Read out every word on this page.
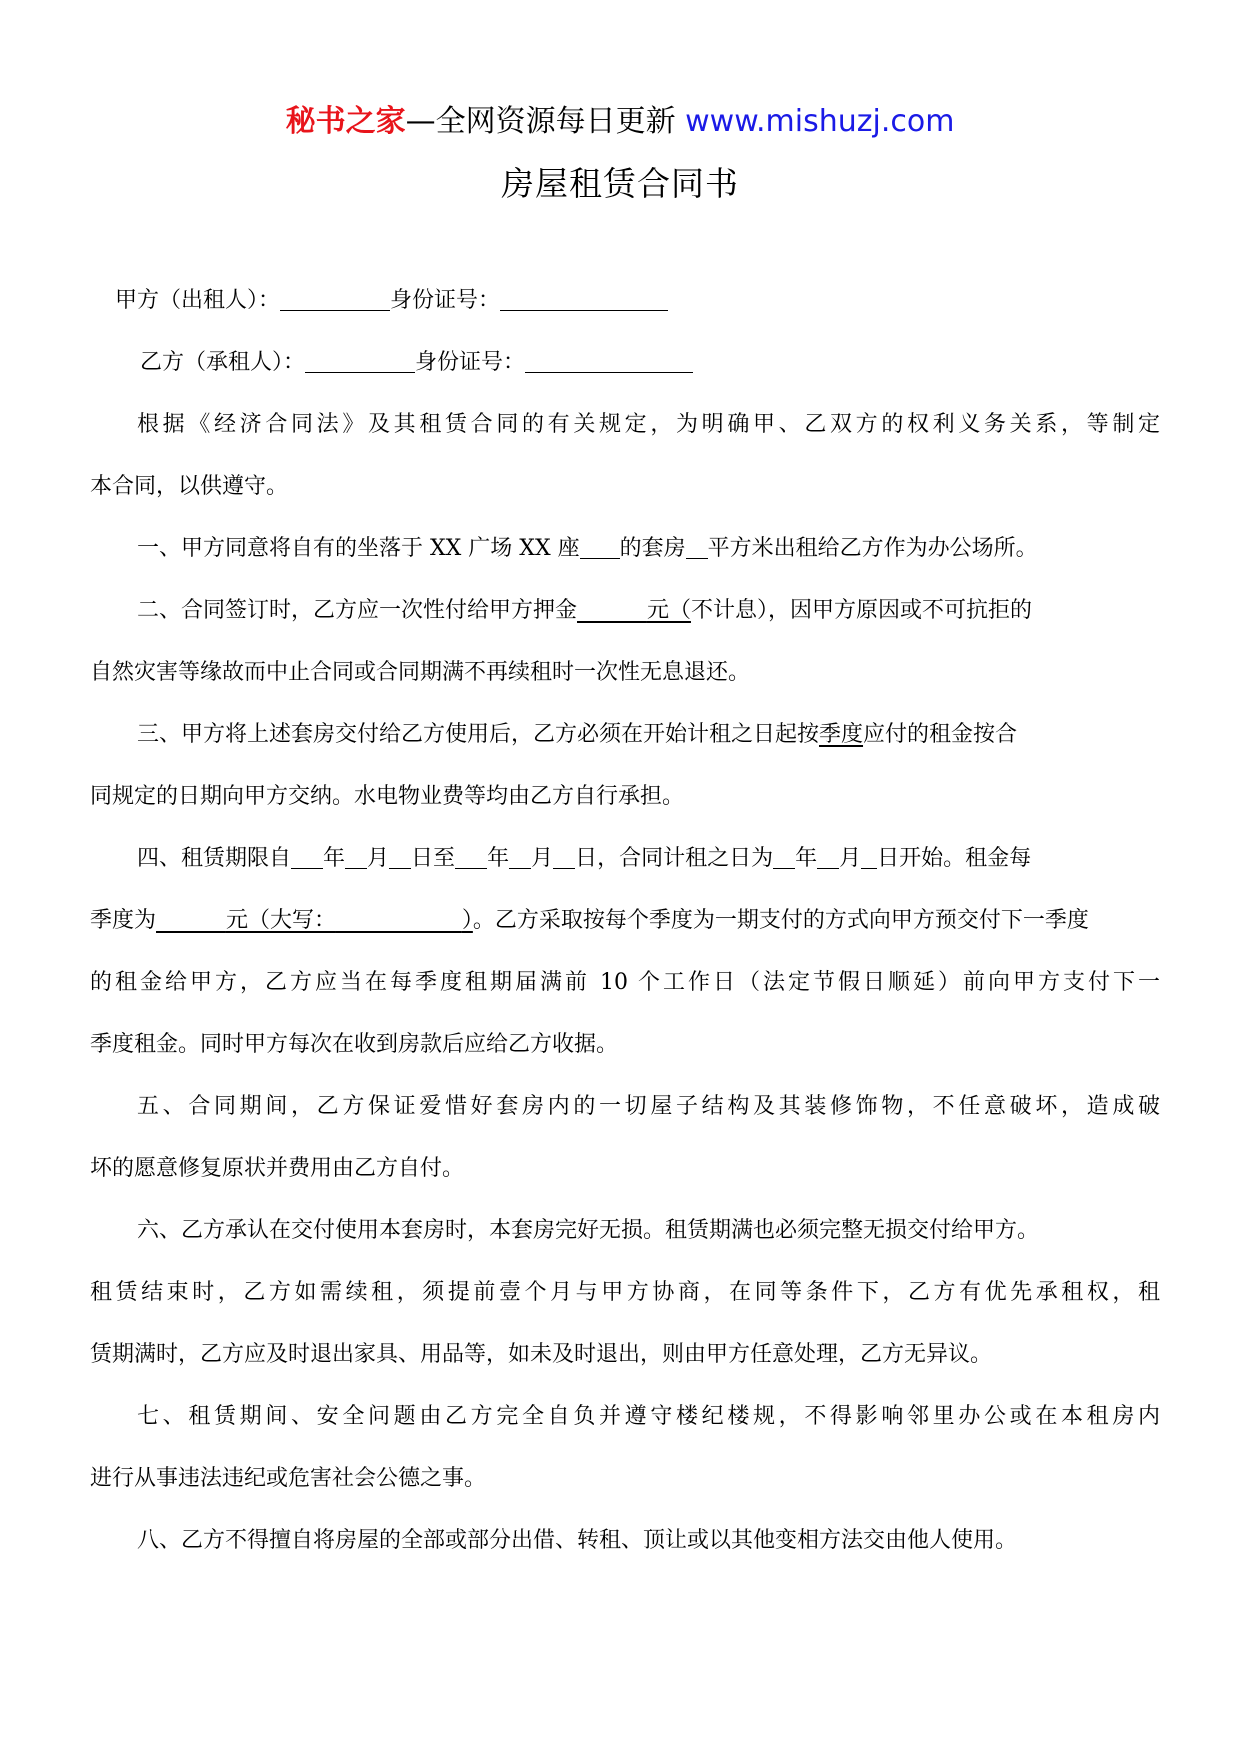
秘书之家—全网资源每日更新 www.mishuzj.com
房屋租赁合同书
甲方（出租人）：	身份证号：
乙方（承租人）：	身份证号：
根据《经济合同法》及其租赁合同的有关规定，为明确甲、乙双方的权利义务关系，等制定
本合同，以供遵守。
一、甲方同意将自有的坐落于 XX 广场 XX 座 的套房 平方米出租给乙方作为办公场所。
二、合同签订时，乙方应一次性付给甲方押金	元（不计息），因甲方原因或不可抗拒的
自然灾害等缘故而中止合同或合同期满不再续租时一次性无息退还。
三、甲方将上述套房交付给乙方使用后，乙方必须在开始计租之日起按季度应付的租金按合
同规定的日期向甲方交纳。水电物业费等均由乙方自行承担。
四、租赁期限自 年 月 日至 年 月 日，合同计租之日为 年 月 日开始。租金每
季度为	元（大写：	）。乙方采取按每个季度为一期支付的方式向甲方预交付下一季度
的租金给甲方，乙方应当在每季度租期届满前 10 个工作日（法定节假日顺延）前向甲方支付下一
季度租金。同时甲方每次在收到房款后应给乙方收据。
五、合同期间，乙方保证爱惜好套房内的一切屋子结构及其装修饰物，不任意破坏，造成破
坏的愿意修复原状并费用由乙方自付。
六、乙方承认在交付使用本套房时，本套房完好无损。租赁期满也必须完整无损交付给甲方。
租赁结束时，乙方如需续租，须提前壹个月与甲方协商，在同等条件下，乙方有优先承租权，租
赁期满时，乙方应及时退出家具、用品等，如未及时退出，则由甲方任意处理，乙方无异议。
七、租赁期间、安全问题由乙方完全自负并遵守楼纪楼规，不得影响邻里办公或在本租房内
进行从事违法违纪或危害社会公德之事。
八、乙方不得擅自将房屋的全部或部分出借、转租、顶让或以其他变相方法交由他人使用。
